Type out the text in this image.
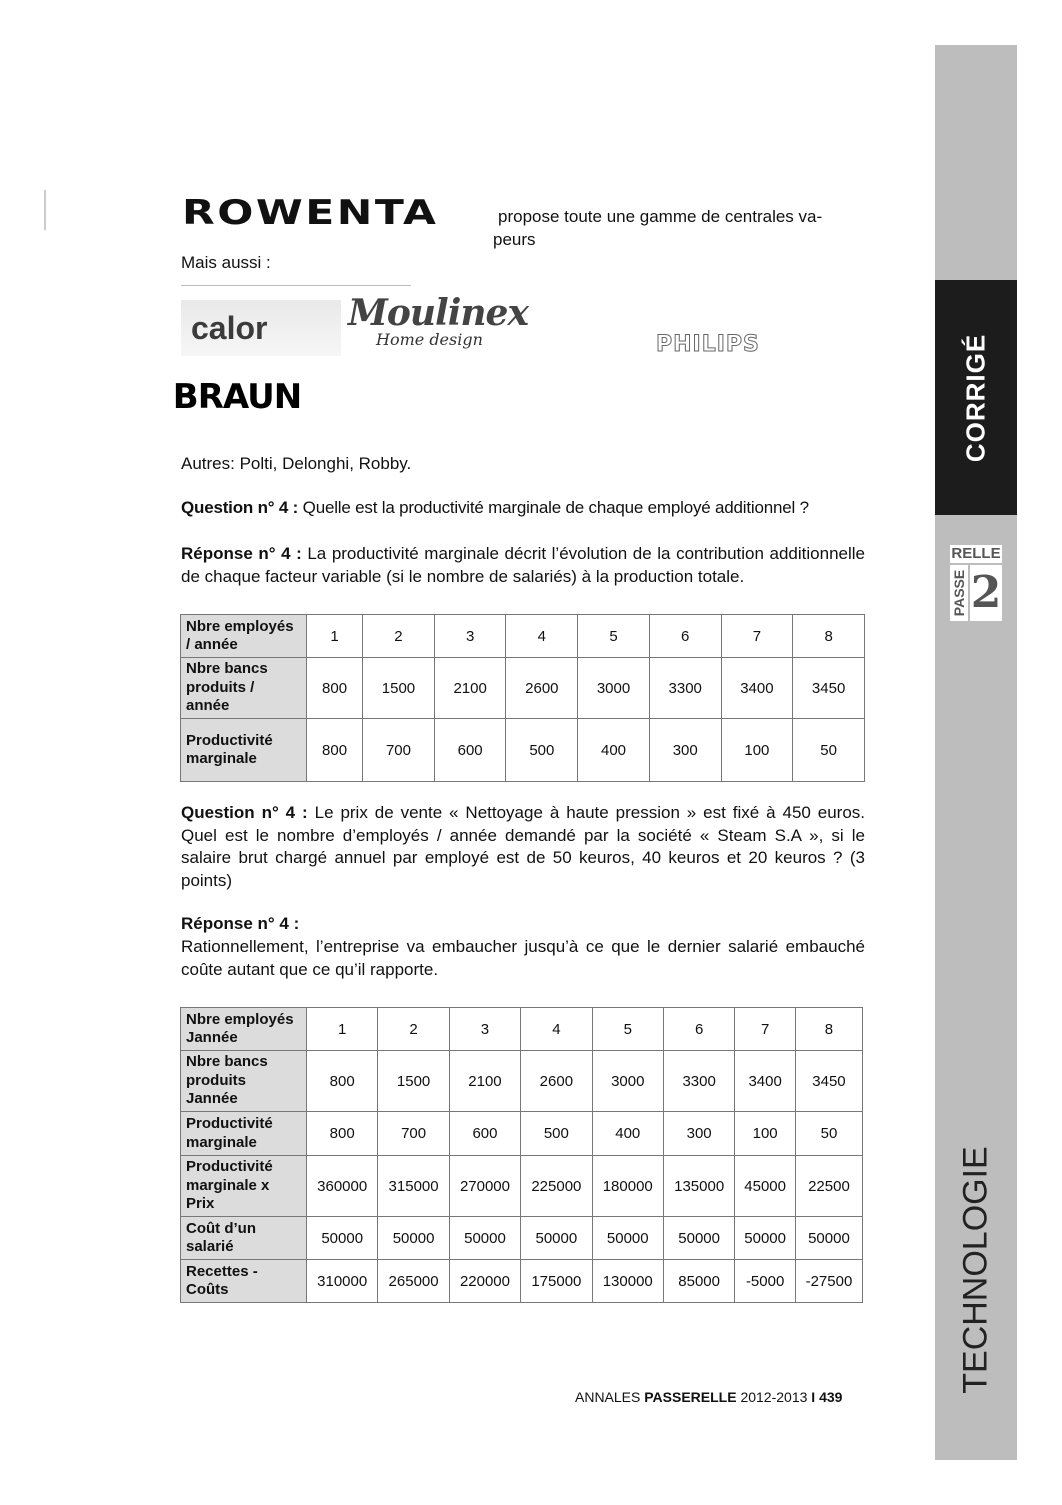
ROWENTA	propose toute une gamme de centrales va-
peurs
Mais aussi :
calor	Moulinex
Home design	PHILIPS
BRAUN
Autres: Polti, Delonghi, Robby.
Question n° 4 : Quelle est la productivité marginale de chaque employé additionnel ?
Réponse n° 4 : La productivité marginale décrit l’évolution de la contribution additionnelle de chaque facteur variable (si le nombre de salariés) à la production totale.
Nbre employés / année	1	2	3	4	5	6	7	8
Nbre bancs produits / année	800	1500	2100	2600	3000	3300	3400	3450
Productivité marginale	800	700	600	500	400	300	100	50
Question n° 4 : Le prix de vente « Nettoyage à haute pression » est fixé à 450 euros. Quel est le nombre d’employés / année demandé par la société « Steam S.A », si le salaire brut chargé annuel par employé est de 50 keuros, 40 keuros et 20 keuros ? (3 points)
Réponse n° 4 :
Rationnellement, l’entreprise va embaucher jusqu’à ce que le dernier salarié embauché coûte autant que ce qu’il rapporte.
Nbre employés Jannée	1	2	3	4	5	6	7	8
Nbre bancs produits Jannée	800	1500	2100	2600	3000	3300	3400	3450
Productivité marginale	800	700	600	500	400	300	100	50
Productivité marginale x Prix	360000	315000	270000	225000	180000	135000	45000	22500
Coût d’un salarié	50000	50000	50000	50000	50000	50000	50000	50000
Recettes - Coûts	310000	265000	220000	175000	130000	85000	-5000	-27500
ANNALES PASSERELLE 2012-2013 I 439
CORRIGÉ
RELLE
PASSE 2
TECHNOLOGIE
